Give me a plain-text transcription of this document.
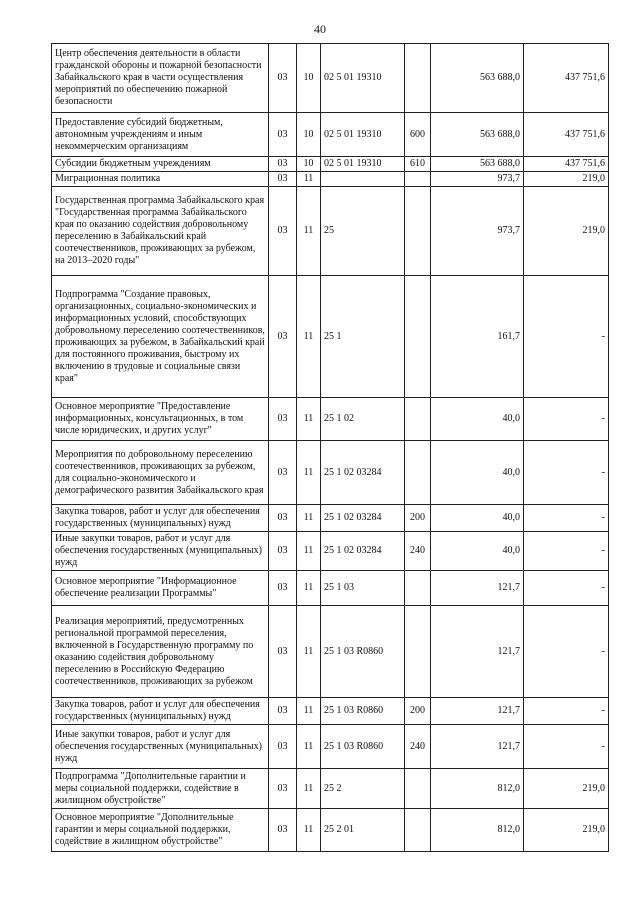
40
Центр обеспечения деятельности в области гражданской обороны и пожарной безопасности Забайкальского края в части осуществления мероприятий по обеспечению пожарной безопасности	03	10	02 5 01 19310		563 688,0	437 751,6
Предоставление субсидий бюджетным, автономным учреждениям и иным некоммерческим организациям	03	10	02 5 01 19310	600	563 688,0	437 751,6
Субсидии бюджетным учреждениям	03	10	02 5 01 19310	610	563 688,0	437 751,6
Миграционная политика	03	11			973,7	219,0
Государственная программа Забайкальского края "Государственная программа Забайкальского края по оказанию содействия добровольному переселению в Забайкальский край соотечественников, проживающих за рубежом, на 2013–2020 годы"	03	11	25		973,7	219,0
Подпрограмма "Создание правовых, организационных, социально-экономических и информационных условий, способствующих добровольному переселению соотечественников, проживающих за рубежом, в Забайкальский край для постоянного проживания, быстрому их включению в трудовые и социальные связи края"	03	11	25 1		161,7	-
Основное мероприятие "Предоставление информационных, консультационных, в том числе юридических, и других услуг"	03	11	25 1 02		40,0	-
Мероприятия по добровольному переселению соотечественников, проживающих за рубежом, для социально-экономического и демографического развития Забайкальского края	03	11	25 1 02 03284		40,0	-
Закупка товаров, работ и услуг для обеспечения государственных (муниципальных) нужд	03	11	25 1 02 03284	200	40,0	-
Иные закупки товаров, работ и услуг для обеспечения государственных (муниципальных) нужд	03	11	25 1 02 03284	240	40,0	-
Основное мероприятие "Информационное обеспечение реализации Программы"	03	11	25 1 03		121,7	-
Реализация мероприятий, предусмотренных региональной программой переселения, включенной в Государственную программу по оказанию содействия добровольному переселению в Российскую Федерацию соотечественников, проживающих за рубежом	03	11	25 1 03 R0860		121,7	-
Закупка товаров, работ и услуг для обеспечения государственных (муниципальных) нужд	03	11	25 1 03 R0860	200	121,7	-
Иные закупки товаров, работ и услуг для обеспечения государственных (муниципальных) нужд	03	11	25 1 03 R0860	240	121,7	-
Подпрограмма "Дополнительные гарантии и меры социальной поддержки, содействие в жилищном обустройстве"	03	11	25 2		812,0	219,0
Основное мероприятие "Дополнительные гарантии и меры социальной поддержки, содействие в жилищном обустройстве"	03	11	25 2 01		812,0	219,0
